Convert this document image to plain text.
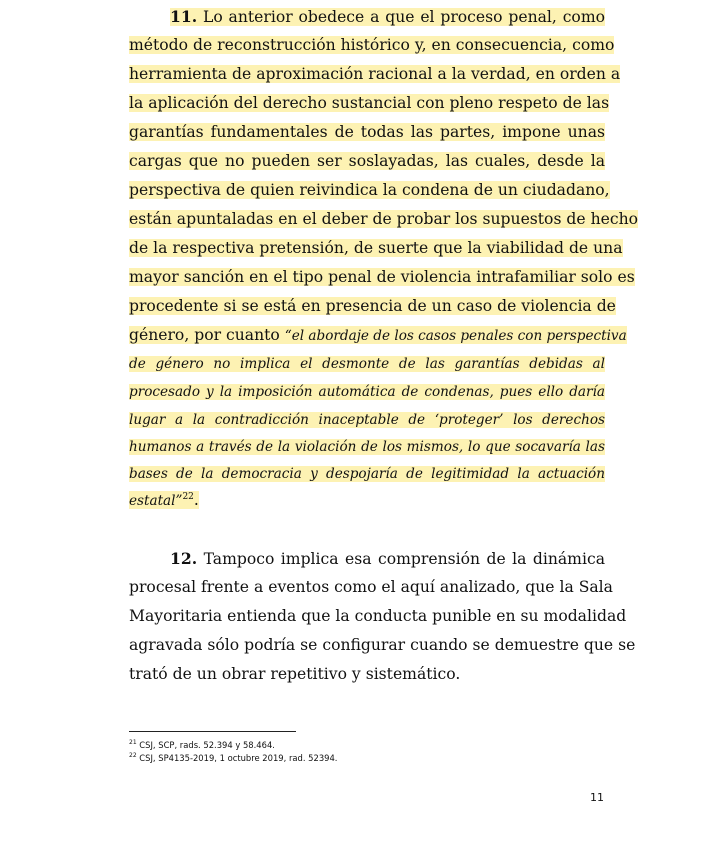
11. Lo anterior obedece a que el proceso penal, como
método de reconstrucción histórico y, en consecuencia, como
herramienta de aproximación racional a la verdad, en orden a
la aplicación del derecho sustancial con pleno respeto de las
garantías fundamentales de todas las partes, impone unas
cargas que no pueden ser soslayadas, las cuales, desde la
perspectiva de quien reivindica la condena de un ciudadano,
están apuntaladas en el deber de probar los supuestos de hecho
de la respectiva pretensión, de suerte que la viabilidad de una
mayor sanción en el tipo penal de violencia intrafamiliar solo es
procedente si se está en presencia de un caso de violencia de
género, por cuanto “el abordaje de los casos penales con perspectiva
de género no implica el desmonte de las garantías debidas al
procesado y la imposición automática de condenas, pues ello daría
lugar a la contradicción inaceptable de ‘proteger’ los derechos
humanos a través de la violación de los mismos, lo que socavaría las
bases de la democracia y despojaría de legitimidad la actuación
estatal”$^{22}$.
12. Tampoco implica esa comprensión de la dinámica
procesal frente a eventos como el aquí analizado, que la Sala
Mayoritaria entienda que la conducta punible en su modalidad
agravada sólo podría se configurar cuando se demuestre que se
trató de un obrar repetitivo y sistemático.
$^{21}$ CSJ, SCP, rads. 52.394 y 58.464.
$^{22}$ CSJ, SP4135-2019, 1 octubre 2019, rad. 52394.
11
